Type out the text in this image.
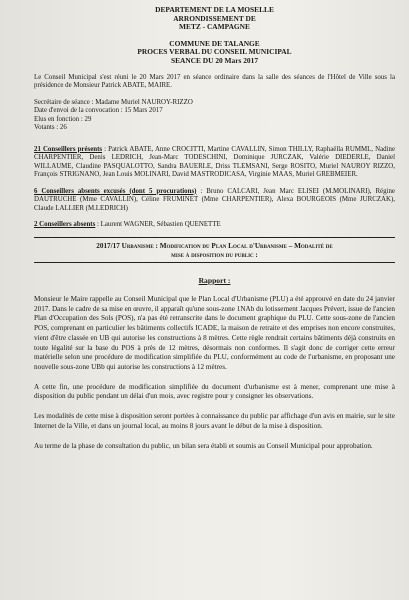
DEPARTEMENT DE LA MOSELLE
ARRONDISSEMENT DE
METZ - CAMPAGNE
COMMUNE DE TALANGE
PROCES VERBAL DU CONSEIL MUNICIPAL
SEANCE DU 20 Mars 2017

Le Conseil Municipal s'est réuni le 20 Mars 2017 en séance ordinaire dans la salle des séances de l'Hôtel de Ville sous la présidence de Monsieur Patrick ABATE, MAIRE.

Secrétaire de séance : Madame Muriel NAUROY-RIZZO

Date d'envoi de la convocation : 15 Mars 2017

Elus en fonction : 29

Votants : 26

21 Conseillers présents : Patrick ABATE, Anne CROCITTI, Martine CAVALLIN, Simon THILLY, Raphaëlla RUMML, Nadine CHARPENTIER, Denis LEDRICH, Jean-Marc TODESCHINI, Dominique JURCZAK, Valérie DIEDERLE, Daniel WILLAUME, Claudine PASQUALOTTO, Sandra BAUERLE, Driss TLEMSANI, Serge ROSITO, Muriel NAUROY RIZZO, François STRIGNANO, Jean Louis MOLINARI, David MASTRODICASA, Virginie MAAS, Muriel GREBMEIER.

6 Conseillers absents excusés (dont 5 procurations) : Bruno CALCARI, Jean Marc ELISEI (M.MOLINARI), Régine DAUTRUCHE (Mme CAVALLIN), Céline FRUMINET (Mme CHARPENTIER), Alexa BOURGEOIS (Mme JURCZAK), Claude LALLIER (M.LEDRICH)

2 Conseillers absents : Laurent WAGNER, Sébastien QUENETTE

2017/17 Urbanisme : Modification du Plan Local d'Urbanisme – Modalité de
mise à disposition du public :
Rapport :

Monsieur le Maire rappelle au Conseil Municipal que le Plan Local d'Urbanisme (PLU) a été approuvé en date du 24 janvier 2017. Dans le cadre de sa mise en œuvre, il apparaît qu'une sous-zone 1NAb du lotissement Jacques Prévert, issue de l'ancien Plan d'Occupation des Sols (POS), n'a pas été retranscrite dans le document graphique du PLU. Cette sous-zone de l'ancien POS, comprenant en particulier les bâtiments collectifs ICADE, la maison de retraite et des emprises non encore construites, vient d'être classée en UB qui autorise les constructions à 8 mètres. Cette règle rendrait certains bâtiments déjà construits en toute légalité sur la base du POS à près de 12 mètres, désormais non conformes. Il s'agit donc de corriger cette erreur matérielle selon une procédure de modification simplifiée du PLU, conformément au code de l'urbanisme, en proposant une nouvelle sous-zone UBb qui autorise les constructions à 12 mètres.

A cette fin, une procédure de modification simplifiée du document d'urbanisme est à mener, comprenant une mise à disposition du public pendant un délai d'un mois, avec registre pour y consigner les observations.

Les modalités de cette mise à disposition seront portées à connaissance du public par affichage d'un avis en mairie, sur le site Internet de la Ville, et dans un journal local, au moins 8 jours avant le début de la mise à disposition.

Au terme de la phase de consultation du public, un bilan sera établi et soumis au Conseil Municipal pour approbation.
